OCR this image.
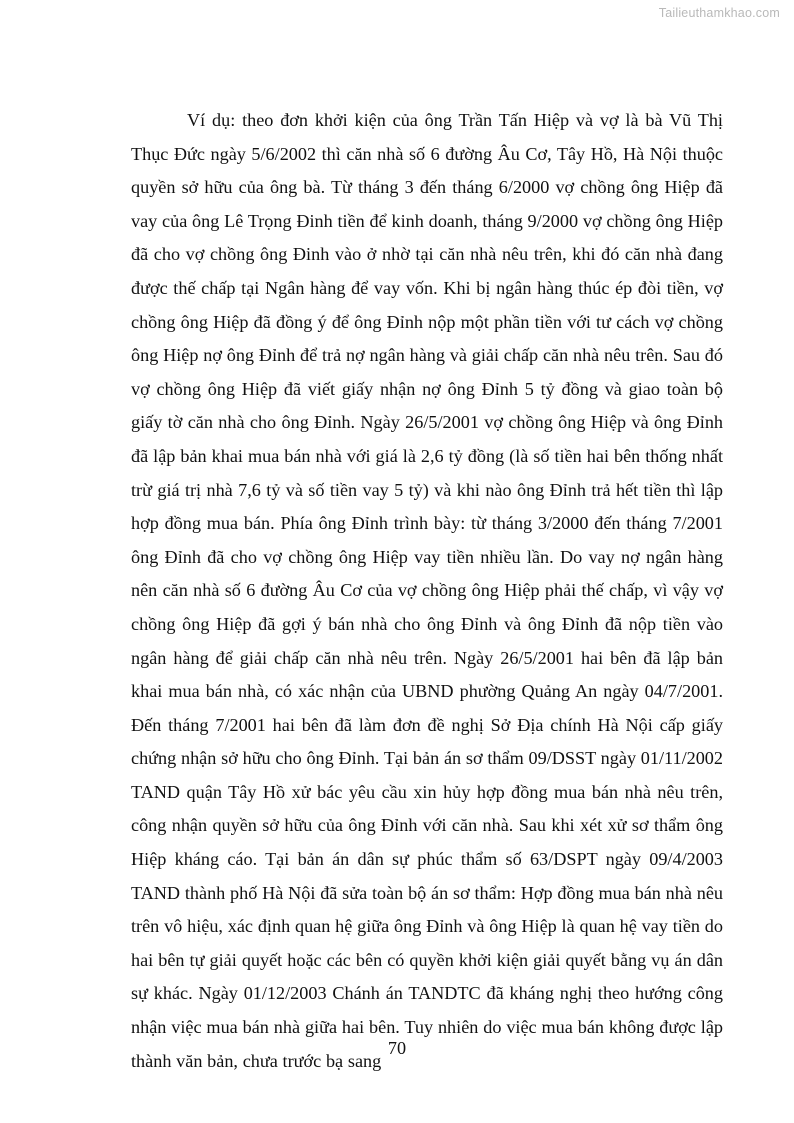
Tailieuthamkhao.com

Ví dụ: theo đơn khởi kiện của ông Trần Tấn Hiệp và vợ là bà Vũ Thị Thục Đức ngày 5/6/2002 thì căn nhà số 6 đường Âu Cơ, Tây Hồ, Hà Nội thuộc quyền sở hữu của ông bà. Từ tháng 3 đến tháng 6/2000 vợ chồng ông Hiệp đã vay của ông Lê Trọng Đinh tiền để kinh doanh, tháng 9/2000 vợ chồng ông Hiệp đã cho vợ chồng ông Đinh vào ở nhờ tại căn nhà nêu trên, khi đó căn nhà đang được thế chấp tại Ngân hàng để vay vốn. Khi bị ngân hàng thúc ép đòi tiền, vợ chồng ông Hiệp đã đồng ý để ông Đỉnh nộp một phần tiền với tư cách vợ chồng ông Hiệp nợ ông Đỉnh để trả nợ ngân hàng và giải chấp căn nhà nêu trên. Sau đó vợ chồng ông Hiệp đã viết giấy nhận nợ ông Đỉnh 5 tỷ đồng và giao toàn bộ giấy tờ căn nhà cho ông Đỉnh. Ngày 26/5/2001 vợ chồng ông Hiệp và ông Đỉnh đã lập bản khai mua bán nhà với giá là 2,6 tỷ đồng (là số tiền hai bên thống nhất trừ giá trị nhà 7,6 tỷ và số tiền vay 5 tỷ) và khi nào ông Đỉnh trả hết tiền thì lập hợp đồng mua bán. Phía ông Đỉnh trình bày: từ tháng 3/2000 đến tháng 7/2001 ông Đỉnh đã cho vợ chồng ông Hiệp vay tiền nhiều lần. Do vay nợ ngân hàng nên căn nhà số 6 đường Âu Cơ của vợ chồng ông Hiệp phải thế chấp, vì vậy vợ chồng ông Hiệp đã gợi ý bán nhà cho ông Đỉnh và ông Đỉnh đã nộp tiền vào ngân hàng để giải chấp căn nhà nêu trên. Ngày 26/5/2001 hai bên đã lập bản khai mua bán nhà, có xác nhận của UBND phường Quảng An ngày 04/7/2001. Đến tháng 7/2001 hai bên đã làm đơn đề nghị Sở Địa chính Hà Nội cấp giấy chứng nhận sở hữu cho ông Đỉnh. Tại bản án sơ thẩm 09/DSST ngày 01/11/2002 TAND quận Tây Hồ xử bác yêu cầu xin hủy hợp đồng mua bán nhà nêu trên, công nhận quyền sở hữu của ông Đỉnh với căn nhà. Sau khi xét xử sơ thẩm ông Hiệp kháng cáo. Tại bản án dân sự phúc thẩm số 63/DSPT ngày 09/4/2003 TAND thành phố Hà Nội đã sửa toàn bộ án sơ thẩm: Hợp đồng mua bán nhà nêu trên vô hiệu, xác định quan hệ giữa ông Đỉnh và ông Hiệp là quan hệ vay tiền do hai bên tự giải quyết hoặc các bên có quyền khởi kiện giải quyết bằng vụ án dân sự khác. Ngày 01/12/2003 Chánh án TANDTC đã kháng nghị theo hướng công nhận việc mua bán nhà giữa hai bên. Tuy nhiên do việc mua bán không được lập thành văn bản, chưa trước bạ sang

70
